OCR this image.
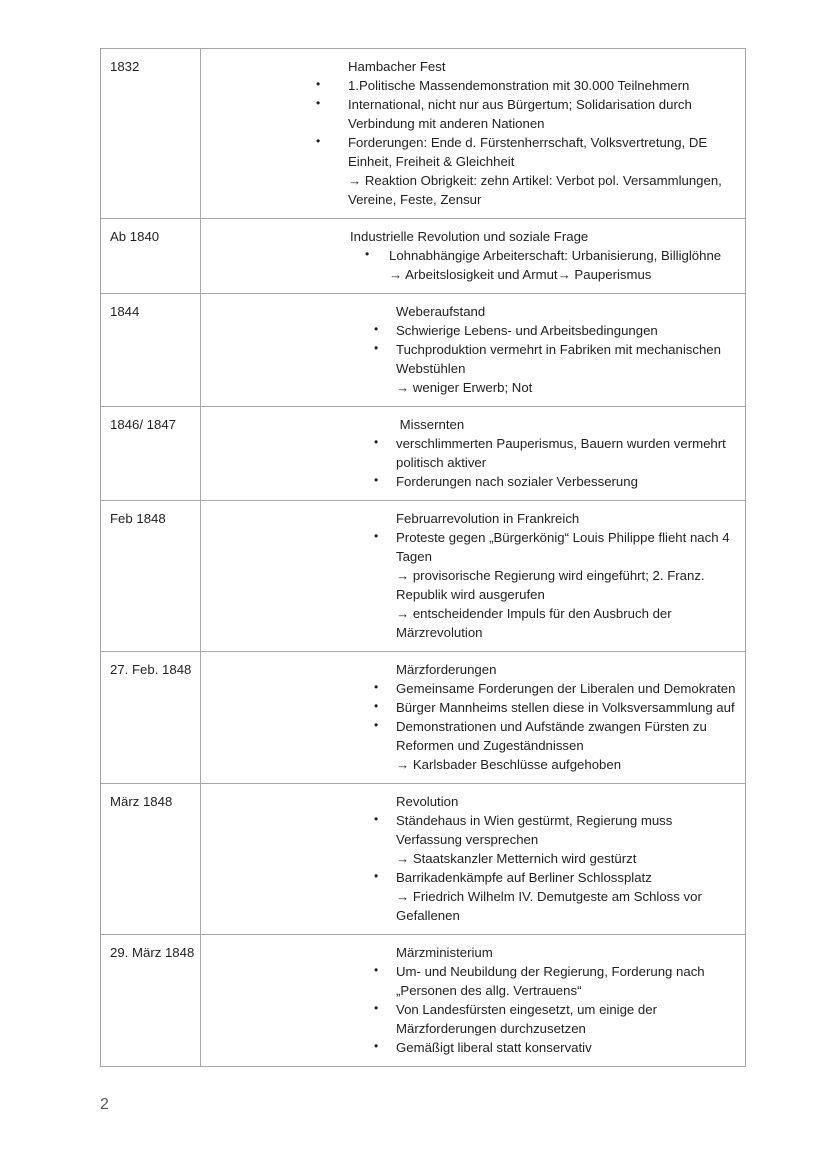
1832	Hambacher Fest
• 1.Politische Massendemonstration mit 30.000 Teilnehmern
• International, nicht nur aus Bürgertum; Solidarisation durch Verbindung mit anderen Nationen
• Forderungen: Ende d. Fürstenherrschaft, Volksvertretung, DE Einheit, Freiheit & Gleichheit
→ Reaktion Obrigkeit: zehn Artikel: Verbot pol. Versammlungen, Vereine, Feste, Zensur

Ab 1840	Industrielle Revolution und soziale Frage
• Lohnabhängige Arbeiterschaft: Urbanisierung, Billiglöhne
→ Arbeitslosigkeit und Armut→ Pauperismus

1844	Weberaufstand
• Schwierige Lebens- und Arbeitsbedingungen
• Tuchproduktion vermehrt in Fabriken mit mechanischen Webstühlen
→ weniger Erwerb; Not

1846/ 1847	Missernten
• verschlimmerten Pauperismus, Bauern wurden vermehrt politisch aktiver
• Forderungen nach sozialer Verbesserung

Feb 1848	Februarrevolution in Frankreich
• Proteste gegen „Bürgerkönig“ Louis Philippe flieht nach 4 Tagen
→ provisorische Regierung wird eingeführt; 2. Franz. Republik wird ausgerufen
→ entscheidender Impuls für den Ausbruch der Märzrevolution

27. Feb. 1848	Märzforderungen
• Gemeinsame Forderungen der Liberalen und Demokraten
• Bürger Mannheims stellen diese in Volksversammlung auf
• Demonstrationen und Aufstände zwangen Fürsten zu Reformen und Zugeständnissen
→ Karlsbader Beschlüsse aufgehoben

März 1848	Revolution
• Ständehaus in Wien gestürmt, Regierung muss Verfassung versprechen
→ Staatskanzler Metternich wird gestürzt
• Barrikadenkämpfe auf Berliner Schlossplatz
→ Friedrich Wilhelm IV. Demutgeste am Schloss vor Gefallenen

29. März 1848	Märzministerium
• Um- und Neubildung der Regierung, Forderung nach „Personen des allg. Vertrauens“
• Von Landesfürsten eingesetzt, um einige der Märzforderungen durchzusetzen
• Gemäßigt liberal statt konservativ
2
